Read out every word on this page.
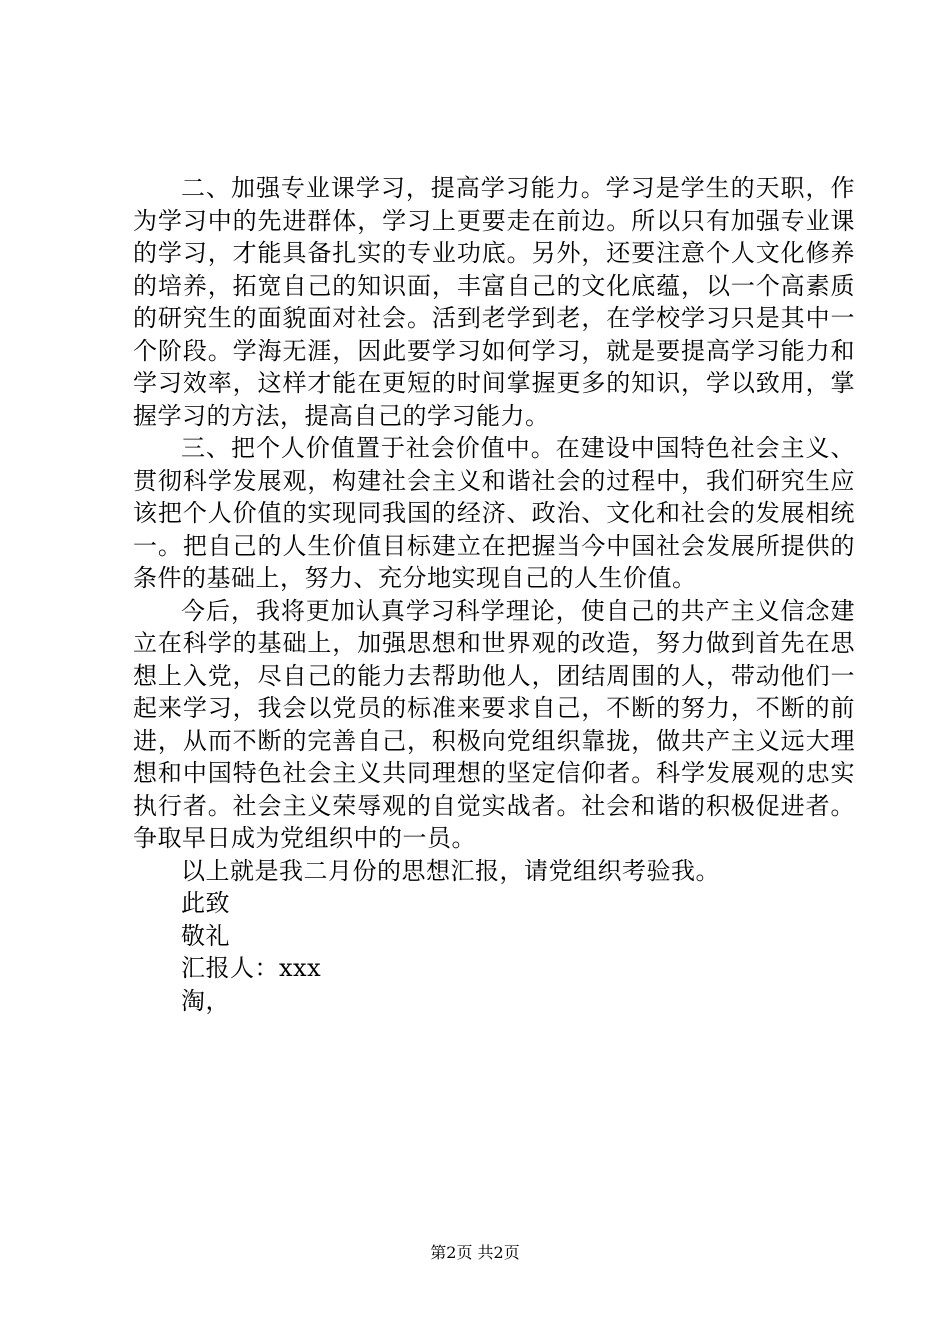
二、加强专业课学习，提高学习能力。学习是学生的天职，作为学习中的先进群体，学习上更要走在前边。所以只有加强专业课的学习，才能具备扎实的专业功底。另外，还要注意个人文化修养的培养，拓宽自己的知识面，丰富自己的文化底蕴，以一个高素质的研究生的面貌面对社会。活到老学到老，在学校学习只是其中一个阶段。学海无涯，因此要学习如何学习，就是要提高学习能力和学习效率，这样才能在更短的时间掌握更多的知识，学以致用，掌握学习的方法，提高自己的学习能力。

三、把个人价值置于社会价值中。在建设中国特色社会主义、贯彻科学发展观，构建社会主义和谐社会的过程中，我们研究生应该把个人价值的实现同我国的经济、政治、文化和社会的发展相统一。把自己的人生价值目标建立在把握当今中国社会发展所提供的条件的基础上，努力、充分地实现自己的人生价值。

今后，我将更加认真学习科学理论，使自己的共产主义信念建立在科学的基础上，加强思想和世界观的改造，努力做到首先在思想上入党，尽自己的能力去帮助他人，团结周围的人，带动他们一起来学习，我会以党员的标准来要求自己，不断的努力，不断的前进，从而不断的完善自己，积极向党组织靠拢，做共产主义远大理想和中国特色社会主义共同理想的坚定信仰者。科学发展观的忠实执行者。社会主义荣辱观的自觉实战者。社会和谐的积极促进者。争取早日成为党组织中的一员。

以上就是我二月份的思想汇报，请党组织考验我。

此致

敬礼

汇报人：xxx

淘，

第2页 共2页
